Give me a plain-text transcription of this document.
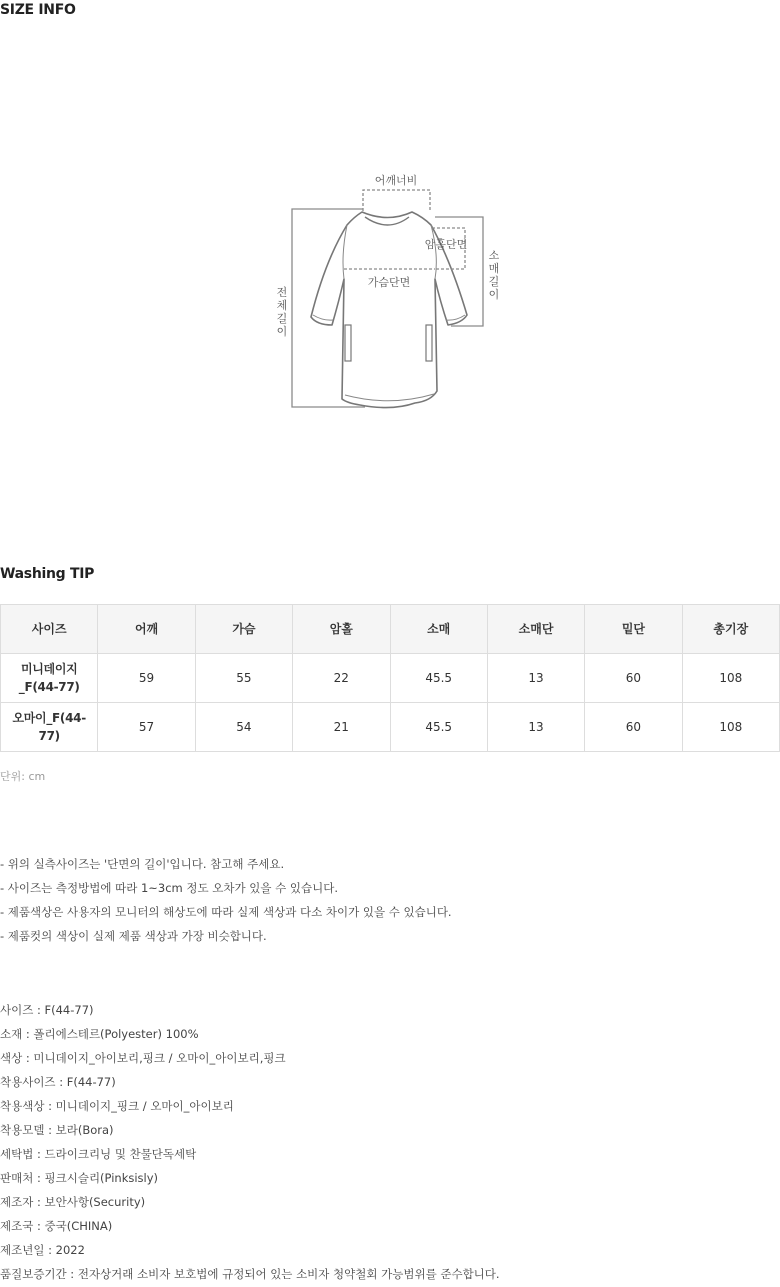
SIZE INFO
어깨너비
암홀단면
가슴단면
소
매
길
이
전
체
길
이
Washing TIP
사이즈	어깨	가슴	암홀	소매	소매단	밑단	총기장
미니데이지_F(44-77)	59	55	22	45.5	13	60	108
오마이_F(44-77)	57	54	21	45.5	13	60	108
단위: cm
- 위의 실측사이즈는 '단면의 길이'입니다. 참고해 주세요.
- 사이즈는 측정방법에 따라 1~3cm 정도 오차가 있을 수 있습니다.
- 제품색상은 사용자의 모니터의 해상도에 따라 실제 색상과 다소 차이가 있을 수 있습니다.
- 제품컷의 색상이 실제 제품 색상과 가장 비슷합니다.
사이즈 : F(44-77)
소재 : 폴리에스테르(Polyester) 100%
색상 : 미니데이지_아이보리,핑크 / 오마이_아이보리,핑크
착용사이즈 : F(44-77)
착용색상 : 미니데이지_핑크 / 오마이_아이보리
착용모델 : 보라(Bora)
세탁법 : 드라이크리닝 및 찬물단독세탁
판매처 : 핑크시슬리(Pinksisly)
제조자 : 보안사항(Security)
제조국 : 중국(CHINA)
제조년일 : 2022
품질보증기간 : 전자상거래 소비자 보호법에 규정되어 있는 소비자 청약철회 가능범위를 준수합니다.
